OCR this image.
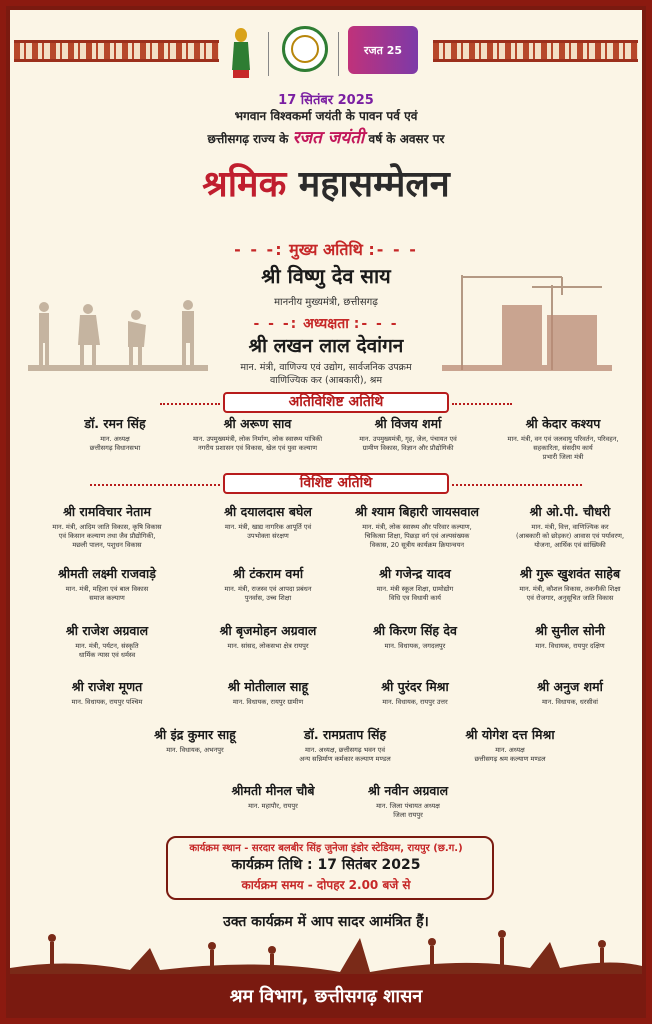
रजत 25
17 सितंबर 2025
भगवान विश्वकर्मा जयंती के पावन पर्व एवं
छत्तीसगढ़ राज्य के रजत जयंती वर्ष के अवसर पर
श्रमिक महासम्मेलन
- - -: मुख्य अतिथि :- - -
श्री विष्णु देव साय
माननीय मुख्यमंत्री, छत्तीसगढ़
- - -: अध्यक्षता :- - -
श्री लखन लाल देवांगन
मान. मंत्री, वाणिज्य एवं उद्योग, सार्वजनिक उपक्रम
वाणिज्यिक कर (आबकारी), श्रम
अतिविशिष्ट अतिथि
डॉ. रमन सिंह
मान. अध्यक्ष
छत्तीसगढ़ विधानसभा
श्री अरूण साव
मान. उपमुख्यमंत्री, लोक निर्माण, लोक स्वास्थ्य यांत्रिकी
नगरीय प्रशासन एवं विकास, खेल एवं युवा कल्याण
श्री विजय शर्मा
मान. उपमुख्यमंत्री, गृह, जेल, पंचायत एवं
ग्रामीण विकास, विज्ञान और प्रौद्योगिकी
श्री केदार कश्यप
मान. मंत्री, वन एवं जलवायु परिवर्तन, परिवहन,
सहकारिता, संसदीय कार्य
प्रभारी जिला मंत्री
विशिष्ट अतिथि
श्री रामविचार नेताम
मान. मंत्री, आदिम जाति विकास, कृषि विकास
एवं किसान कल्याण तथा जैव प्रौद्योगिकी,
मछली पालन, पशुधन विकास
श्री दयालदास बघेल
मान. मंत्री, खाद्य नागरिक आपूर्ति एवं
उपभोक्ता संरक्षण
श्री श्याम बिहारी जायसवाल
मान. मंत्री, लोक स्वास्थ्य और परिवार कल्याण,
चिकित्सा शिक्षा, पिछड़ा वर्ग एवं अल्पसंख्यक
विकास, 20 सूत्रीय कार्यक्रम क्रियान्वयन
श्री ओ.पी. चौधरी
मान. मंत्री, वित्त, वाणिज्यिक कर
(आबकारी को छोड़कर) आवास एवं पर्यावरण,
योजना, आर्थिक एवं सांख्यिकी
श्रीमती लक्ष्मी राजवाड़े
मान. मंत्री, महिला एवं बाल विकास
समाज कल्याण
श्री टंकराम वर्मा
मान. मंत्री, राजस्व एवं आपदा प्रबंधन
पुनर्वास, उच्च शिक्षा
श्री गजेन्द्र यादव
मान. मंत्री स्कूल शिक्षा, ग्रामोद्योग
विधि एव विधायी कार्य
श्री गुरू खुशवंत साहेब
मान. मंत्री, कौशल विकास, तकनीकी शिक्षा
एवं रोजगार, अनुसूचित जाति विकास
श्री राजेश अग्रवाल
मान. मंत्री, पर्यटन, संस्कृति
धार्मिक न्यास एवं धर्मस्व
श्री बृजमोहन अग्रवाल
मान. सांसद, लोकसभा क्षेत्र रायपुर
श्री किरण सिंह देव
मान. विधायक, जगदलपुर
श्री सुनील सोनी
मान. विधायक, रायपुर दक्षिण
श्री राजेश मूणत
मान. विधायक, रायपुर पश्चिम
श्री मोतीलाल साहू
मान. विधायक, रायपुर ग्रामीण
श्री पुरंदर मिश्रा
मान. विधायक, रायपुर उत्तर
श्री अनुज शर्मा
मान. विधायक, धरसीवां
श्री इंद्र कुमार साहू
मान. विधायक, अभनपुर
डॉ. रामप्रताप सिंह
मान. अध्यक्ष, छत्तीसगढ़ भवन एवं
अन्य सन्निर्माण कर्मकार कल्याण मण्डल
श्री योगेश दत्त मिश्रा
मान. अध्यक्ष
छत्तीसगढ़ श्रम कल्याण मण्डल
श्रीमती मीनल चौबे
मान. महापौर, रायपुर
श्री नवीन अग्रवाल
मान. जिला पंचायत अध्यक्ष
जिला रायपुर
कार्यक्रम स्थान - सरदार बलबीर सिंह जुनेजा इंडोर स्टेडियम, रायपुर (छ.ग.)
कार्यक्रम तिथि : 17 सितंबर 2025
कार्यक्रम समय - दोपहर 2.00 बजे से
उक्त कार्यक्रम में आप सादर आमंत्रित हैं।
श्रम विभाग, छत्तीसगढ़ शासन
